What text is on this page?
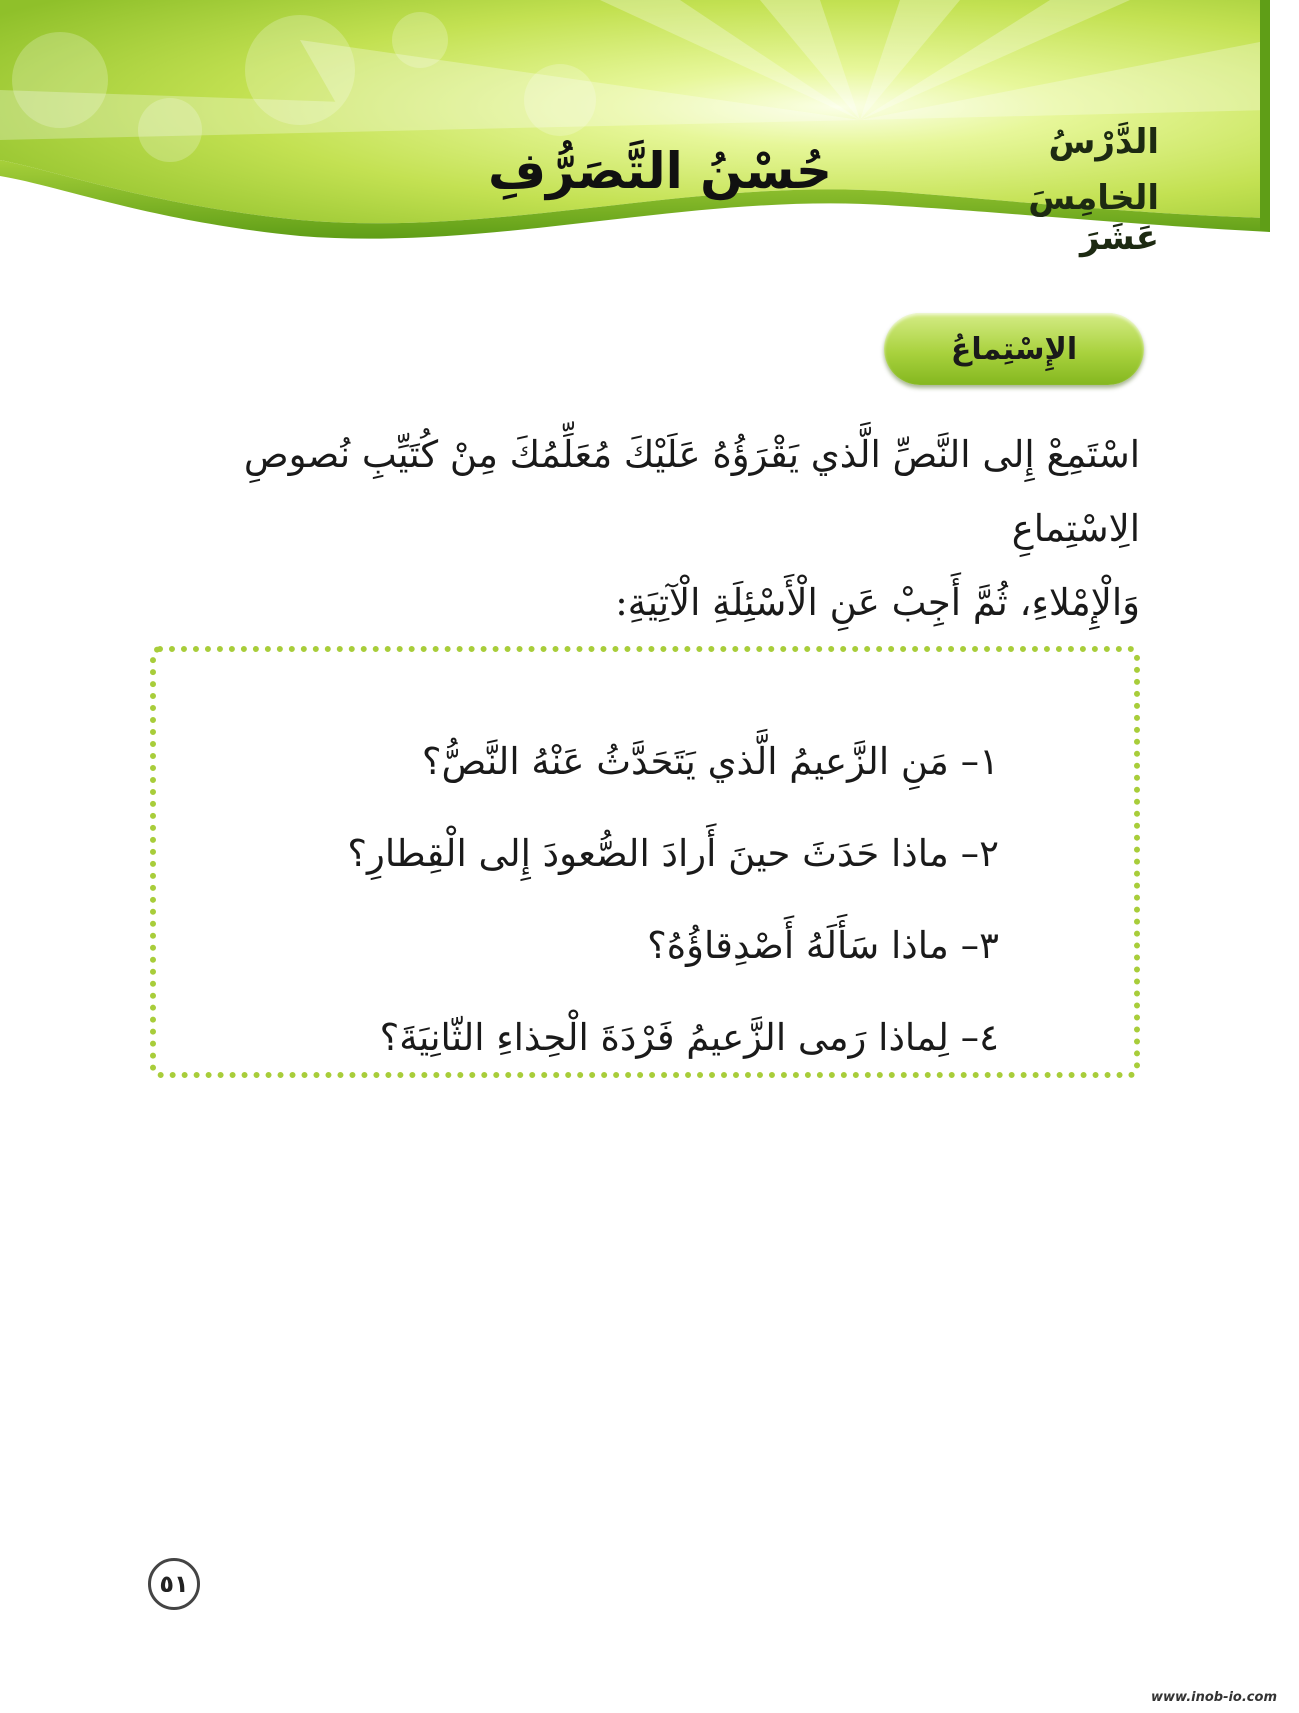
الدَّرْسُ
الخامِسَ عَشَرَ
حُسْنُ التَّصَرُّفِ
الإِسْتِماعُ
اسْتَمِعْ إِلى النَّصِّ الَّذي يَقْرَؤُهُ عَلَيْكَ مُعَلِّمُكَ مِنْ كُتَيِّبِ نُصوصِ الِاسْتِماعِ
وَالْإِمْلاءِ، ثُمَّ أَجِبْ عَنِ الْأَسْئِلَةِ الْآتِيَةِ:
١– مَنِ الزَّعيمُ الَّذي يَتَحَدَّثُ عَنْهُ النَّصُّ؟
٢– ماذا حَدَثَ حينَ أَرادَ الصُّعودَ إِلى الْقِطارِ؟
٣– ماذا سَأَلَهُ أَصْدِقاؤُهُ؟
٤– لِماذا رَمى الزَّعيمُ فَرْدَةَ الْحِذاءِ الثّانِيَةَ؟
٥١
www.inob-io.com
